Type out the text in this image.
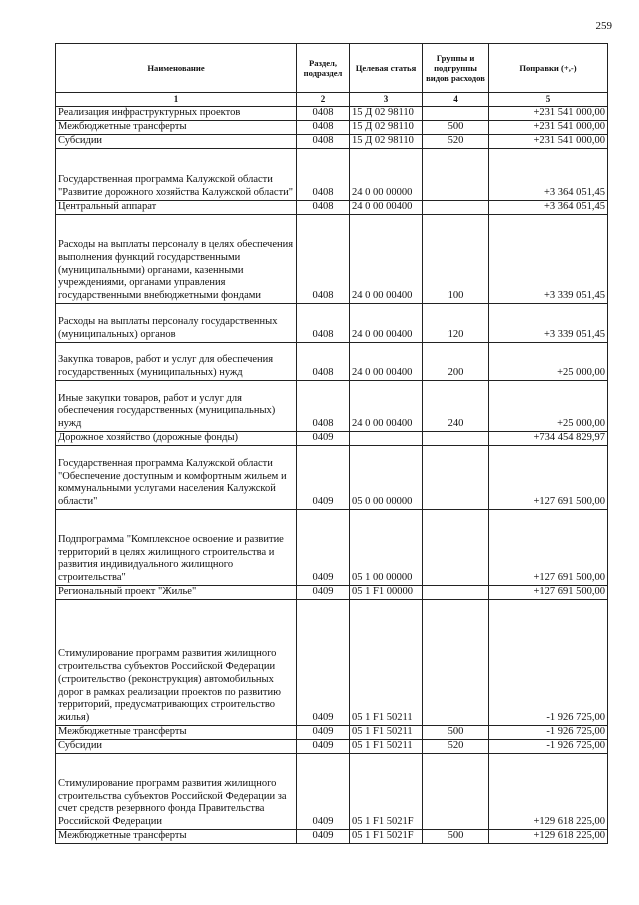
259
Наименование	Раздел, подраздел	Целевая статья	Группы и подгруппы видов расходов	Поправки (+,-)
1	2	3	4	5
Реализация инфраструктурных проектов	0408	15 Д 02 98110		+231 541 000,00
Межбюджетные трансферты	0408	15 Д 02 98110	500	+231 541 000,00
Субсидии	0408	15 Д 02 98110	520	+231 541 000,00
Государственная программа Калужской области "Развитие дорожного хозяйства Калужской области"	0408	24 0 00 00000		+3 364 051,45
Центральный аппарат	0408	24 0 00 00400		+3 364 051,45
Расходы на выплаты персоналу в целях обеспечения выполнения функций государственными (муниципальными) органами, казенными учреждениями, органами управления государственными внебюджетными фондами	0408	24 0 00 00400	100	+3 339 051,45
Расходы на выплаты персоналу государственных (муниципальных) органов	0408	24 0 00 00400	120	+3 339 051,45
Закупка товаров, работ и услуг для обеспечения государственных (муниципальных) нужд	0408	24 0 00 00400	200	+25 000,00
Иные закупки товаров, работ и услуг для обеспечения государственных (муниципальных) нужд	0408	24 0 00 00400	240	+25 000,00
Дорожное хозяйство (дорожные фонды)	0409			+734 454 829,97
Государственная программа Калужской области "Обеспечение доступным и комфортным жильем и коммунальными услугами населения Калужской области"	0409	05 0 00 00000		+127 691 500,00
Подпрограмма "Комплексное освоение и развитие территорий в целях жилищного строительства и развития индивидуального жилищного строительства"	0409	05 1 00 00000		+127 691 500,00
Региональный проект "Жилье"	0409	05 1 F1 00000		+127 691 500,00
Стимулирование программ развития жилищного строительства субъектов Российской Федерации (строительство (реконструкция) автомобильных дорог в рамках реализации проектов по развитию территорий, предусматривающих строительство жилья)	0409	05 1 F1 50211		-1 926 725,00
Межбюджетные трансферты	0409	05 1 F1 50211	500	-1 926 725,00
Субсидии	0409	05 1 F1 50211	520	-1 926 725,00
Стимулирование программ развития жилищного строительства субъектов Российской Федерации за счет средств резервного фонда Правительства Российской Федерации	0409	05 1 F1 5021F		+129 618 225,00
Межбюджетные трансферты	0409	05 1 F1 5021F	500	+129 618 225,00
